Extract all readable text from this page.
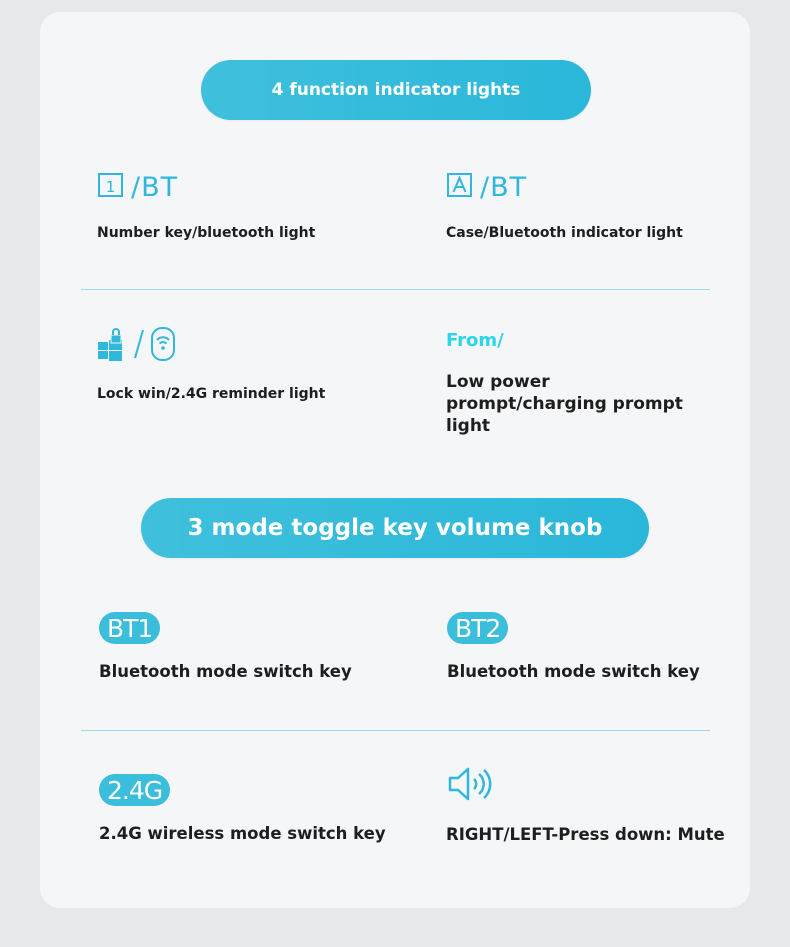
4 function indicator lights
1 /BT
Number key/bluetooth light
/BT
Case/Bluetooth indicator light
Lock win/2.4G reminder light
From/
Low power prompt/charging prompt light
3 mode toggle key volume knob
BT1
Bluetooth mode switch key
BT2
Bluetooth mode switch key
2.4G
2.4G wireless mode switch key	RIGHT/LEFT-Press down: Mute
